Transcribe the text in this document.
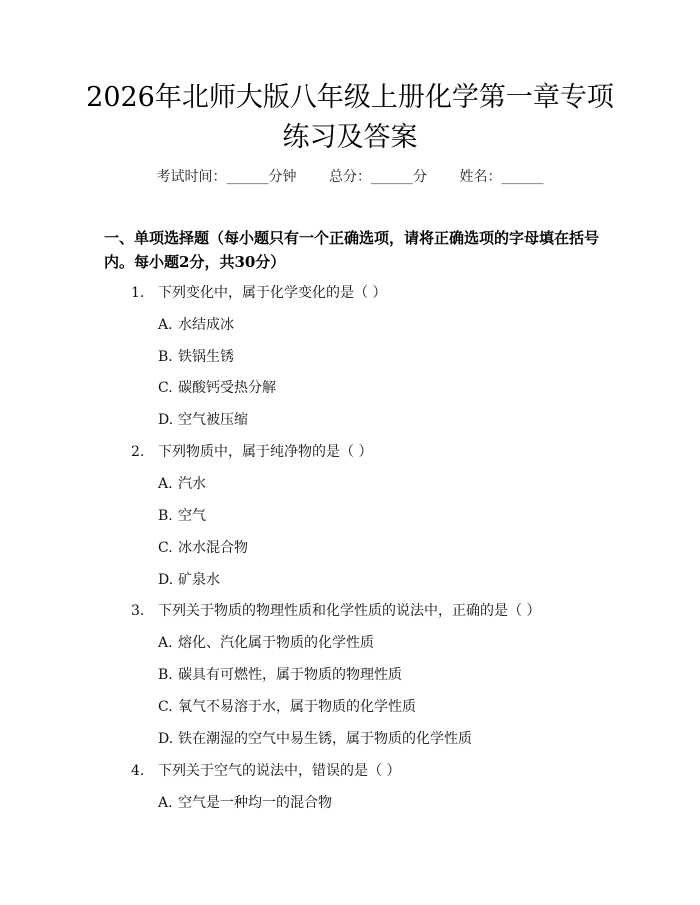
2026年北师大版八年级上册化学第一章专项
练习及答案
考试时间：______分钟 总分：______分 姓名：______
一、单项选择题（每小题只有一个正确选项，请将正确选项的字母填在括号内。每小题2分，共30分）
1. 下列变化中，属于化学变化的是（ ）
A. 水结成冰
B. 铁锅生锈
C. 碳酸钙受热分解
D. 空气被压缩
2. 下列物质中，属于纯净物的是（ ）
A. 汽水
B. 空气
C. 冰水混合物
D. 矿泉水
3. 下列关于物质的物理性质和化学性质的说法中，正确的是（ ）
A. 熔化、汽化属于物质的化学性质
B. 碳具有可燃性，属于物质的物理性质
C. 氧气不易溶于水，属于物质的化学性质
D. 铁在潮湿的空气中易生锈，属于物质的化学性质
4. 下列关于空气的说法中，错误的是（ ）
A. 空气是一种均一的混合物
